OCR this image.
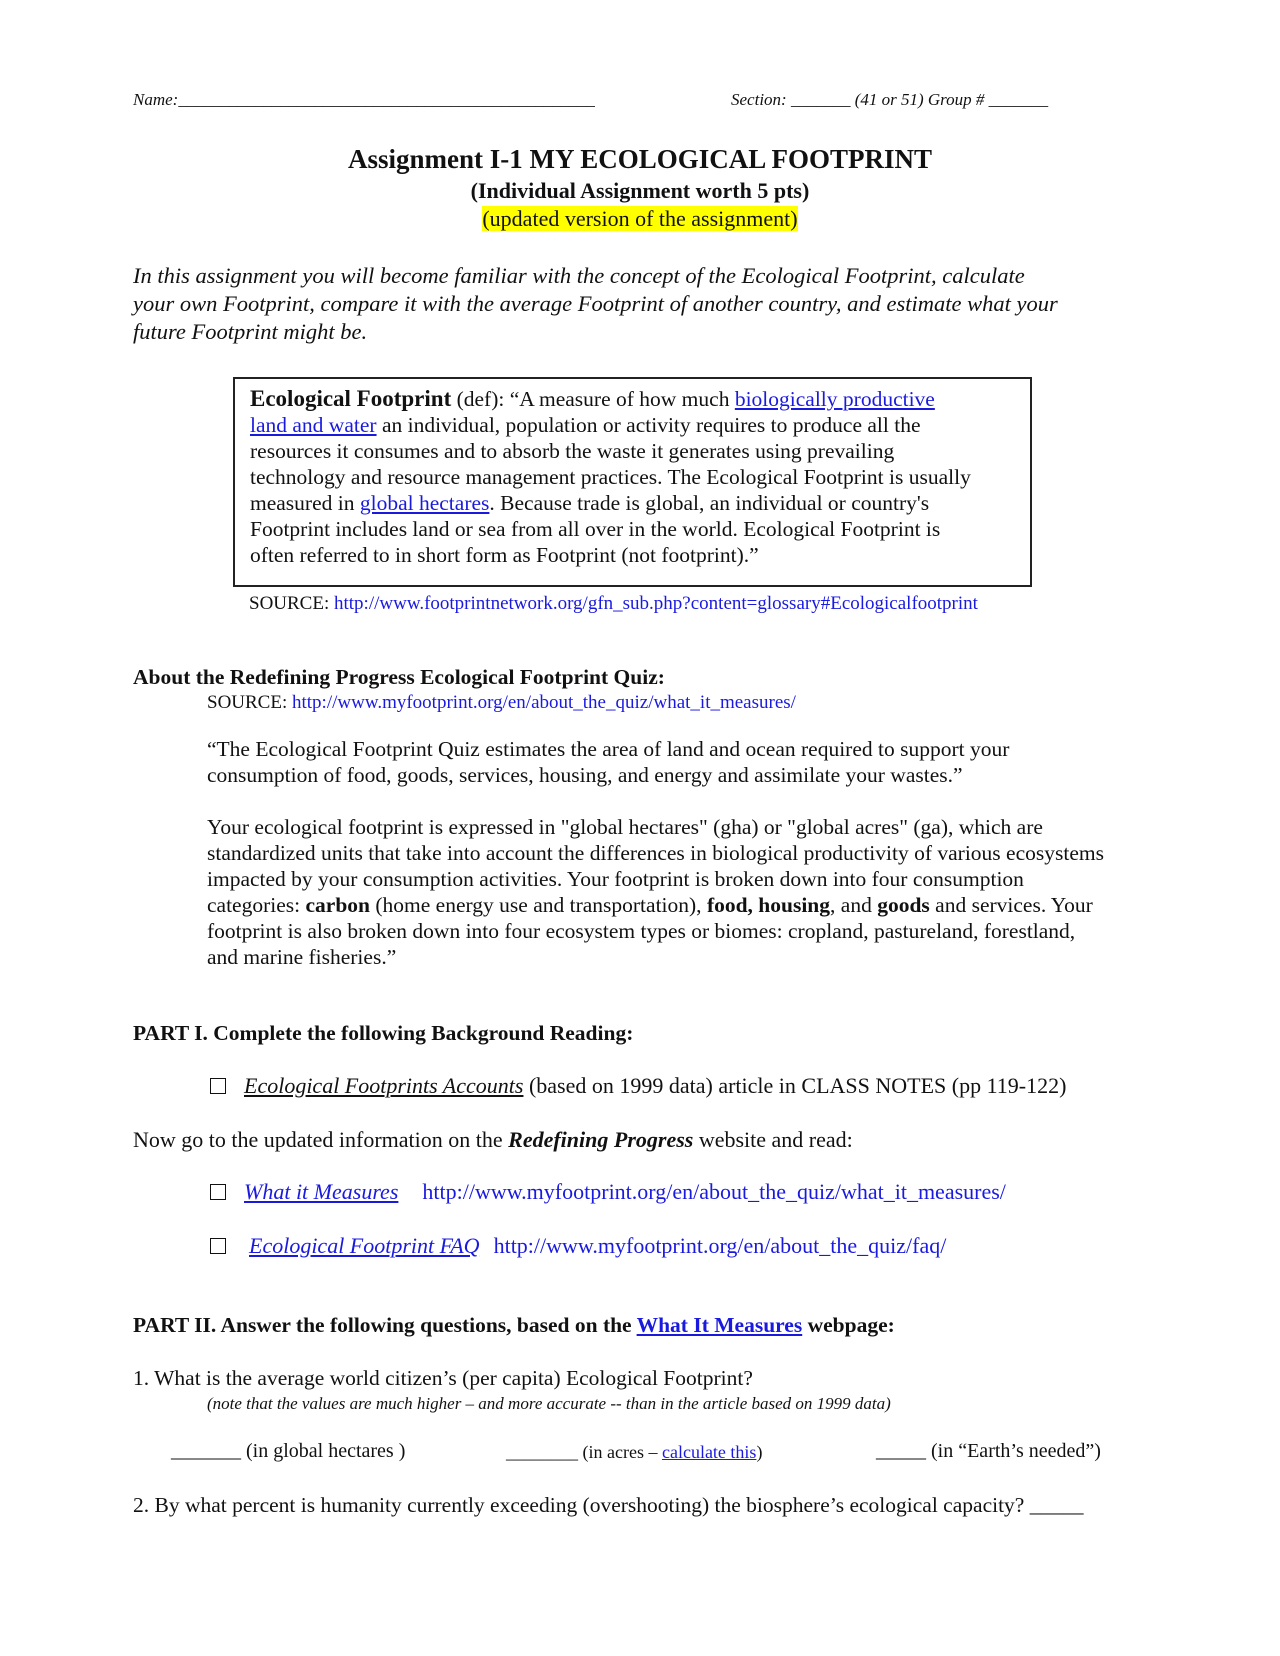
Name:_________________________________________________	Section: _______ (41 or 51) Group # _______
Assignment I-1 MY ECOLOGICAL FOOTPRINT
(Individual Assignment worth 5 pts)
(updated version of the assignment)
In this assignment you will become familiar with the concept of the Ecological Footprint, calculate
your own Footprint, compare it with the average Footprint of another country, and estimate what your
future Footprint might be.
Ecological Footprint (def): “A measure of how much biologically productive
land and water an individual, population or activity requires to produce all the
resources it consumes and to absorb the waste it generates using prevailing
technology and resource management practices. The Ecological Footprint is usually
measured in global hectares. Because trade is global, an individual or country's
Footprint includes land or sea from all over in the world. Ecological Footprint is
often referred to in short form as Footprint (not footprint).”
SOURCE: http://www.footprintnetwork.org/gfn_sub.php?content=glossary#Ecologicalfootprint
About the Redefining Progress Ecological Footprint Quiz:
SOURCE: http://www.myfootprint.org/en/about_the_quiz/what_it_measures/
“The Ecological Footprint Quiz estimates the area of land and ocean required to support your
consumption of food, goods, services, housing, and energy and assimilate your wastes.”
Your ecological footprint is expressed in "global hectares" (gha) or "global acres" (ga), which are
standardized units that take into account the differences in biological productivity of various ecosystems
impacted by your consumption activities. Your footprint is broken down into four consumption
categories: carbon (home energy use and transportation), food, housing, and goods and services. Your
footprint is also broken down into four ecosystem types or biomes: cropland, pastureland, forestland,
and marine fisheries.”
PART I. Complete the following Background Reading:
Ecological Footprints Accounts (based on 1999 data) article in CLASS NOTES (pp 119-122)
Now go to the updated information on the Redefining Progress website and read:
What it Measures http://www.myfootprint.org/en/about_the_quiz/what_it_measures/
Ecological Footprint FAQ http://www.myfootprint.org/en/about_the_quiz/faq/
PART II. Answer the following questions, based on the What It Measures webpage:
1. What is the average world citizen’s (per capita) Ecological Footprint?
(note that the values are much higher – and more accurate -- than in the article based on 1999 data)
_______ (in global hectares )	________ (in acres – calculate this)	_____ (in “Earth’s needed”)
2. By what percent is humanity currently exceeding (overshooting) the biosphere’s ecological capacity? _____
